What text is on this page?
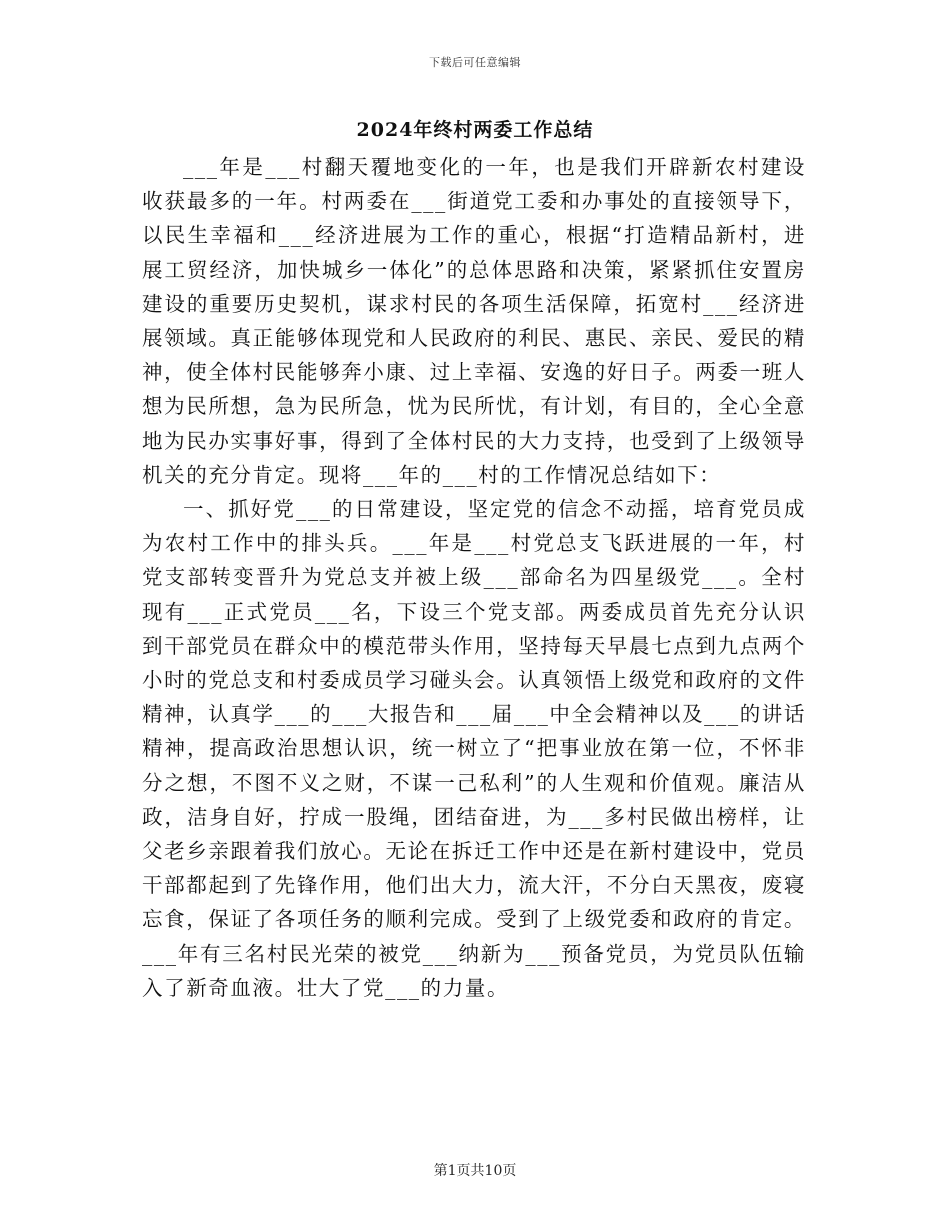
下载后可任意编辑
2024年终村两委工作总结

___年是___村翻天覆地变化的一年，也是我们开辟新农村建设收获最多的一年。村两委在___街道党工委和办事处的直接领导下，以民生幸福和___经济进展为工作的重心，根据“打造精品新村，进展工贸经济，加快城乡一体化”的总体思路和决策，紧紧抓住安置房建设的重要历史契机，谋求村民的各项生活保障，拓宽村___经济进展领域。真正能够体现党和人民政府的利民、惠民、亲民、爱民的精神，使全体村民能够奔小康、过上幸福、安逸的好日子。两委一班人想为民所想，急为民所急，忧为民所忧，有计划，有目的，全心全意地为民办实事好事，得到了全体村民的大力支持，也受到了上级领导机关的充分肯定。现将___年的___村的工作情况总结如下：

一、抓好党___的日常建设，坚定党的信念不动摇，培育党员成为农村工作中的排头兵。___年是___村党总支飞跃进展的一年，村党支部转变晋升为党总支并被上级___部命名为四星级党___。全村现有___正式党员___名，下设三个党支部。两委成员首先充分认识到干部党员在群众中的模范带头作用，坚持每天早晨七点到九点两个小时的党总支和村委成员学习碰头会。认真领悟上级党和政府的文件精神，认真学___的___大报告和___届___中全会精神以及___的讲话精神，提高政治思想认识，统一树立了“把事业放在第一位，不怀非分之想，不图不义之财，不谋一己私利”的人生观和价值观。廉洁从政，洁身自好，拧成一股绳，团结奋进，为___多村民做出榜样，让父老乡亲跟着我们放心。无论在拆迁工作中还是在新村建设中，党员干部都起到了先锋作用，他们出大力，流大汗，不分白天黑夜，废寝忘食，保证了各项任务的顺利完成。受到了上级党委和政府的肯定。___年有三名村民光荣的被党___纳新为___预备党员，为党员队伍输入了新奇血液。壮大了党___的力量。

第1页共10页
